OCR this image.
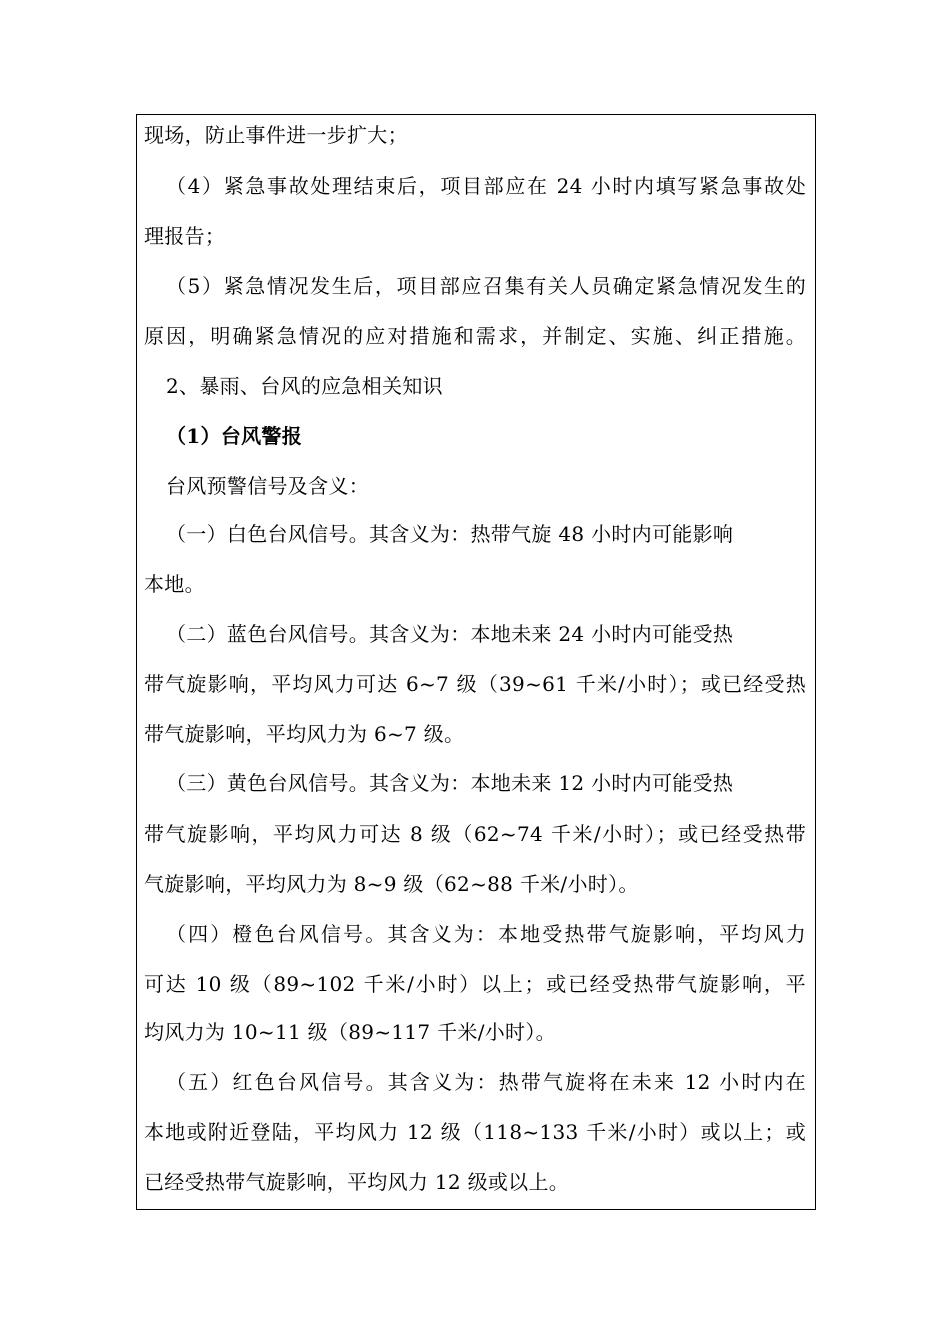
现场，防止事件进一步扩大；
（4）紧急事故处理结束后，项目部应在 24 小时内填写紧急事故处
理报告；
（5）紧急情况发生后，项目部应召集有关人员确定紧急情况发生的
原因，明确紧急情况的应对措施和需求，并制定、实施、纠正措施。
2、暴雨、台风的应急相关知识
（1）台风警报
台风预警信号及含义：
（一）白色台风信号。其含义为：热带气旋 48 小时内可能影响
本地。
（二）蓝色台风信号。其含义为：本地未来 24 小时内可能受热
带气旋影响，平均风力可达 6~7 级（39~61 千米/小时）；或已经受热
带气旋影响，平均风力为 6~7 级。
（三）黄色台风信号。其含义为：本地未来 12 小时内可能受热
带气旋影响，平均风力可达 8 级（62~74 千米/小时）；或已经受热带
气旋影响，平均风力为 8~9 级（62~88 千米/小时）。
（四）橙色台风信号。其含义为：本地受热带气旋影响，平均风力
可达 10 级（89~102 千米/小时）以上；或已经受热带气旋影响，平
均风力为 10~11 级（89~117 千米/小时）。
（五）红色台风信号。其含义为：热带气旋将在未来 12 小时内在
本地或附近登陆，平均风力 12 级（118~133 千米/小时）或以上；或
已经受热带气旋影响，平均风力 12 级或以上。
